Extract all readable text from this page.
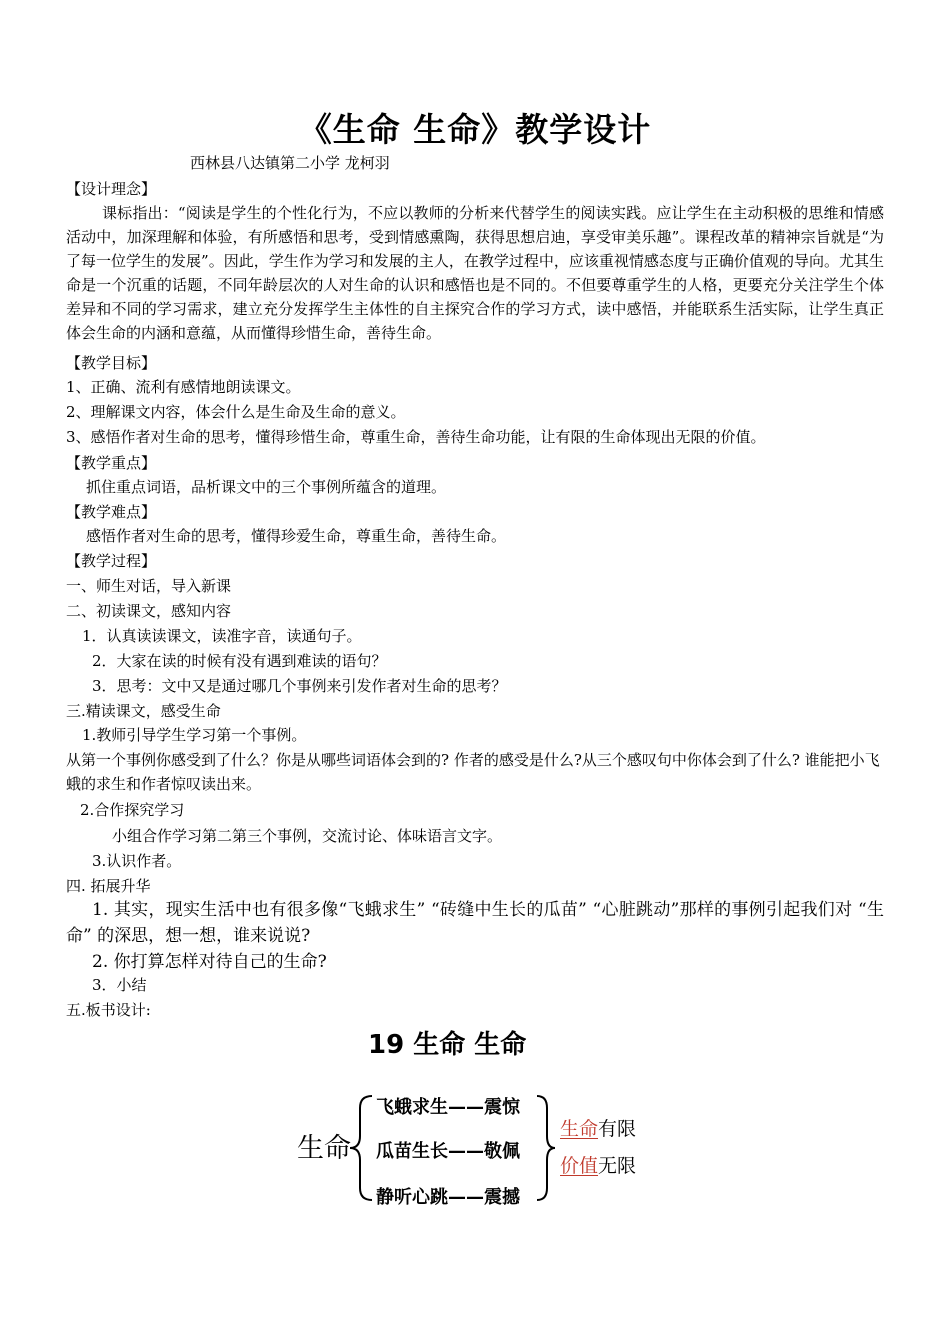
《生命 生命》教学设计
西林县八达镇第二小学 龙柯羽
【设计理念】
课标指出：“阅读是学生的个性化行为，不应以教师的分析来代替学生的阅读实践。应让学生在主动积极的思维和情感活动中，加深理解和体验，有所感悟和思考，受到情感熏陶，获得思想启迪，享受审美乐趣”。课程改革的精神宗旨就是“为了每一位学生的发展”。因此，学生作为学习和发展的主人，在教学过程中，应该重视情感态度与正确价值观的导向。尤其生命是一个沉重的话题，不同年龄层次的人对生命的认识和感悟也是不同的。不但要尊重学生的人格，更要充分关注学生个体差异和不同的学习需求，建立充分发挥学生主体性的自主探究合作的学习方式，读中感悟，并能联系生活实际，让学生真正体会生命的内涵和意蕴，从而懂得珍惜生命，善待生命。
【教学目标】
1、正确、流利有感情地朗读课文。
2、理解课文内容，体会什么是生命及生命的意义。
3、感悟作者对生命的思考，懂得珍惜生命，尊重生命，善待生命功能，让有限的生命体现出无限的价值。
【教学重点】
抓住重点词语，品析课文中的三个事例所蕴含的道理。
【教学难点】
感悟作者对生命的思考，懂得珍爱生命，尊重生命，善待生命。
【教学过程】
一、师生对话，导入新课
二、初读课文，感知内容
1．认真读读课文，读准字音，读通句子。
2．大家在读的时候有没有遇到难读的语句？
3．思考：文中又是通过哪几个事例来引发作者对生命的思考？
三.精读课文，感受生命
1.教师引导学生学习第一个事例。
从第一个事例你感受到了什么？你是从哪些词语体会到的? 作者的感受是什么?从三个感叹句中你体会到了什么? 谁能把小飞蛾的求生和作者惊叹读出来。
2.合作探究学习
小组合作学习第二第三个事例，交流讨论、体味语言文字。
3.认识作者。
四. 拓展升华
1. 其实，现实生活中也有很多像“飞蛾求生” “砖缝中生长的瓜苗” “心脏跳动”那样的事例引起我们对 “生命” 的深思，想一想，谁来说说?
2. 你打算怎样对待自己的生命?
3．小结
五.板书设计:
19 生命 生命
生命
飞蛾求生——震惊
瓜苗生长——敬佩
静听心跳——震撼
生命有限
价值无限
